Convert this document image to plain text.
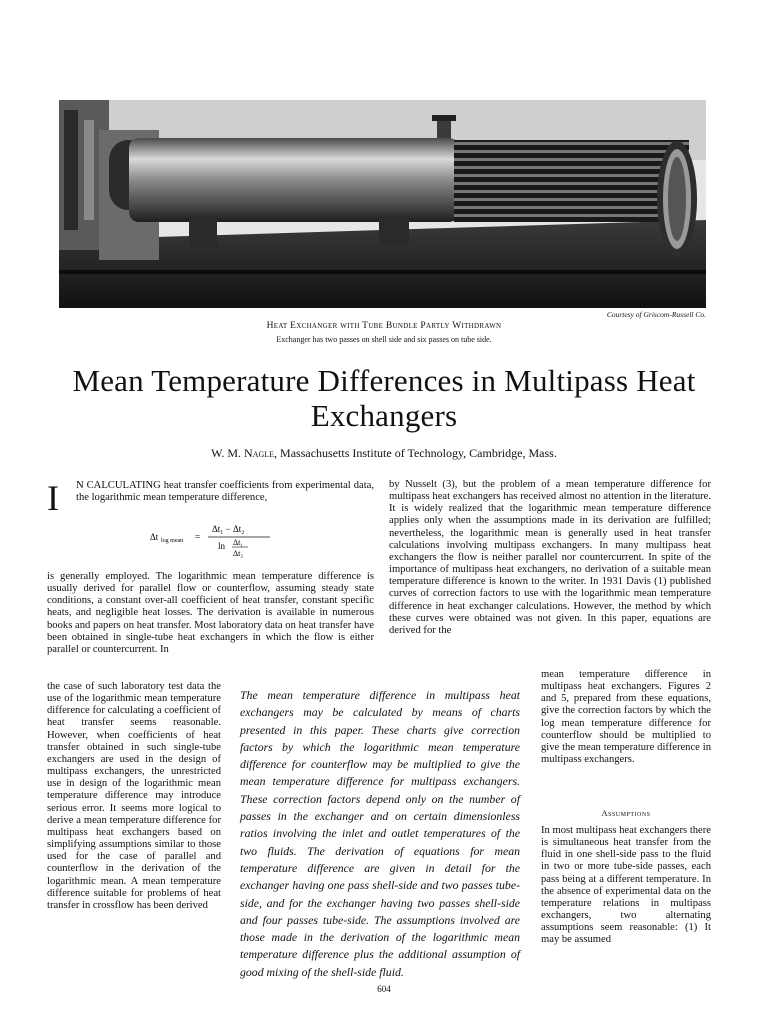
Courtesy of Griscom-Russell Co.
Heat Exchanger with Tube Bundle Partly Withdrawn
Exchanger has two passes on shell side and six passes on tube side.
Mean Temperature Differences in Multipass Heat Exchangers
W. M. Nagle, Massachusetts Institute of Technology, Cambridge, Mass.
I N CALCULATING heat transfer coefficients from experimental data, the logarithmic mean temperature difference,
Δt log mean =
Δt₁ − Δt₂
ln Δt₁
Δt₂
is generally employed. The logarithmic mean temperature difference is usually derived for parallel flow or counterflow, assuming steady state conditions, a constant over-all coefficient of heat transfer, constant specific heats, and negligible heat losses. The derivation is available in numerous books and papers on heat transfer. Most laboratory data on heat transfer have been obtained in single-tube heat exchangers in which the flow is either parallel or countercurrent. In
the case of such laboratory test data the use of the logarithmic mean temperature difference for calculating a coefficient of heat transfer seems reasonable. However, when coefficients of heat transfer obtained in such single-tube exchangers are used in the design of multipass exchangers, the unrestricted use in design of the logarithmic mean temperature difference may introduce serious error. It seems more logical to derive a mean temperature difference for multipass heat exchangers based on simplifying assumptions similar to those used for the case of parallel and counterflow in the derivation of the logarithmic mean. A mean temperature difference suitable for problems of heat transfer in crossflow has been derived
by Nusselt (3), but the problem of a mean temperature difference for multipass heat exchangers has received almost no attention in the literature. It is widely realized that the logarithmic mean temperature difference applies only when the assumptions made in its derivation are fulfilled; nevertheless, the logarithmic mean is generally used in heat transfer calculations involving multipass exchangers. In many multipass heat exchangers the flow is neither parallel nor countercurrent. In spite of the importance of multipass heat exchangers, no derivation of a suitable mean temperature difference is known to the writer. In 1931 Davis (1) published curves of correction factors to use with the logarithmic mean temperature difference in heat exchanger calculations. However, the method by which these curves were obtained was not given. In this paper, equations are derived for the
mean temperature difference in multipass heat exchangers. Figures 2 and 5, prepared from these equations, give the correction factors by which the log mean temperature difference for counterflow should be multiplied to give the mean temperature difference in multipass exchangers.
Assumptions
In most multipass heat exchangers there is simultaneous heat transfer from the fluid in one shell-side pass to the fluid in two or more tube-side passes, each pass being at a different temperature. In the absence of experimental data on the temperature relations in multipass exchangers, two alternating assumptions seem reasonable: (1) It may be assumed
The mean temperature difference in multipass heat exchangers may be calculated by means of charts presented in this paper. These charts give correction factors by which the logarithmic mean temperature difference for counterflow may be multiplied to give the mean temperature difference for multipass exchangers. These correction factors depend only on the number of passes in the exchanger and on certain dimensionless ratios involving the inlet and outlet temperatures of the two fluids. The derivation of equations for mean temperature difference are given in detail for the exchanger having one pass shell-side and two passes tube-side, and for the exchanger having two passes shell-side and four passes tube-side. The assumptions involved are those made in the derivation of the logarithmic mean temperature difference plus the additional assumption of good mixing of the shell-side fluid.
604
